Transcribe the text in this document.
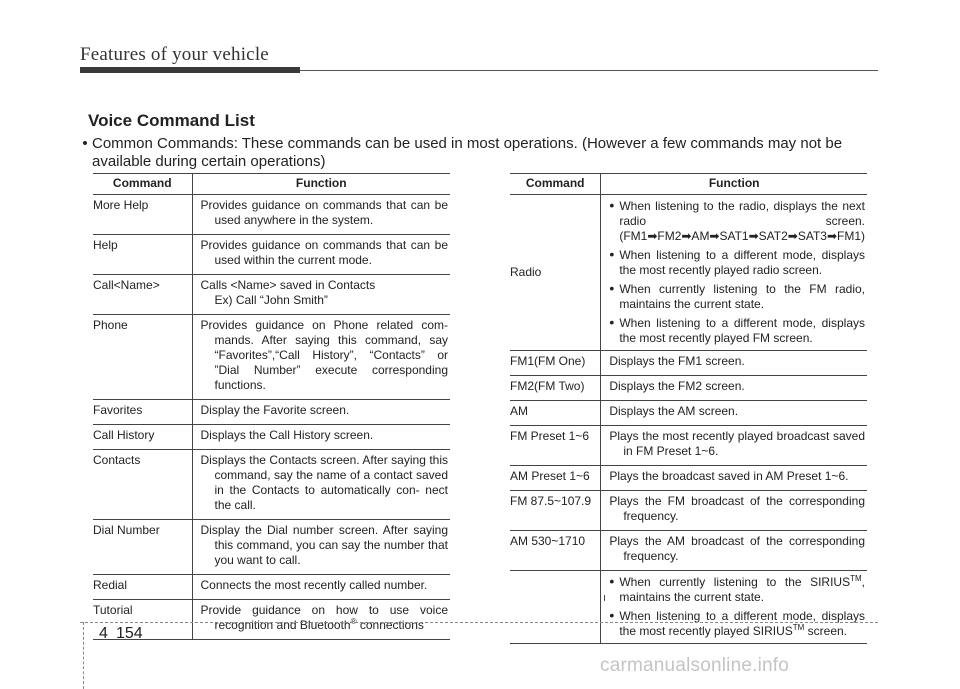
Features of your vehicle
Voice Command List
• Common Commands: These commands can be used in most operations. (However a few commands may not be
available during certain operations)
Command	Function
More Help	Provides guidance on commands that can be used anywhere in the system.

Help	Provides guidance on commands that can be used within the current mode.

Call<Name>	Calls <Name> saved in Contacts
Ex) Call “John Smith”

Phone	Provides guidance on Phone related com- mands. After saying this command, say “Favorites”,“Call History”, “Contacts” or ”Dial Number” execute corresponding functions.

Favorites	Display the Favorite screen.

Call History	Displays the Call History screen.

Contacts	Displays the Contacts screen. After saying this command, say the name of a contact saved in the Contacts to automatically con- nect the call.

Dial Number	Display the Dial number screen. After saying this command, you can say the number that you want to call.

Redial	Connects the most recently called number.

Tutorial	Provide guidance on how to use voice recognition and Bluetooth® connections
Command	Function
Radio	• When listening to the radio, displays the next radio screen. (FM1➡FM2➡AM➡SAT1➡SAT2➡SAT3➡FM1)
• When listening to a different mode, displays the most recently played radio screen.
• When currently listening to the FM radio, maintains the current state.
• When listening to a different mode, displays the most recently played FM screen.

FM1(FM One)	Displays the FM1 screen.

FM2(FM Two)	Displays the FM2 screen.

AM	Displays the AM screen.

FM Preset 1~6	Plays the most recently played broadcast saved in FM Preset 1~6.

AM Preset 1~6	Plays the broadcast saved in AM Preset 1~6.

FM 87.5~107.9	Plays the FM broadcast of the corresponding frequency.

AM 530~1710	Plays the AM broadcast of the corresponding frequency.

	• When currently listening to the SIRIUS™, maintains the current state.
• When listening to a different mode, displays the most recently played SIRIUS™ screen.
4 154
carmanualsonline.info
